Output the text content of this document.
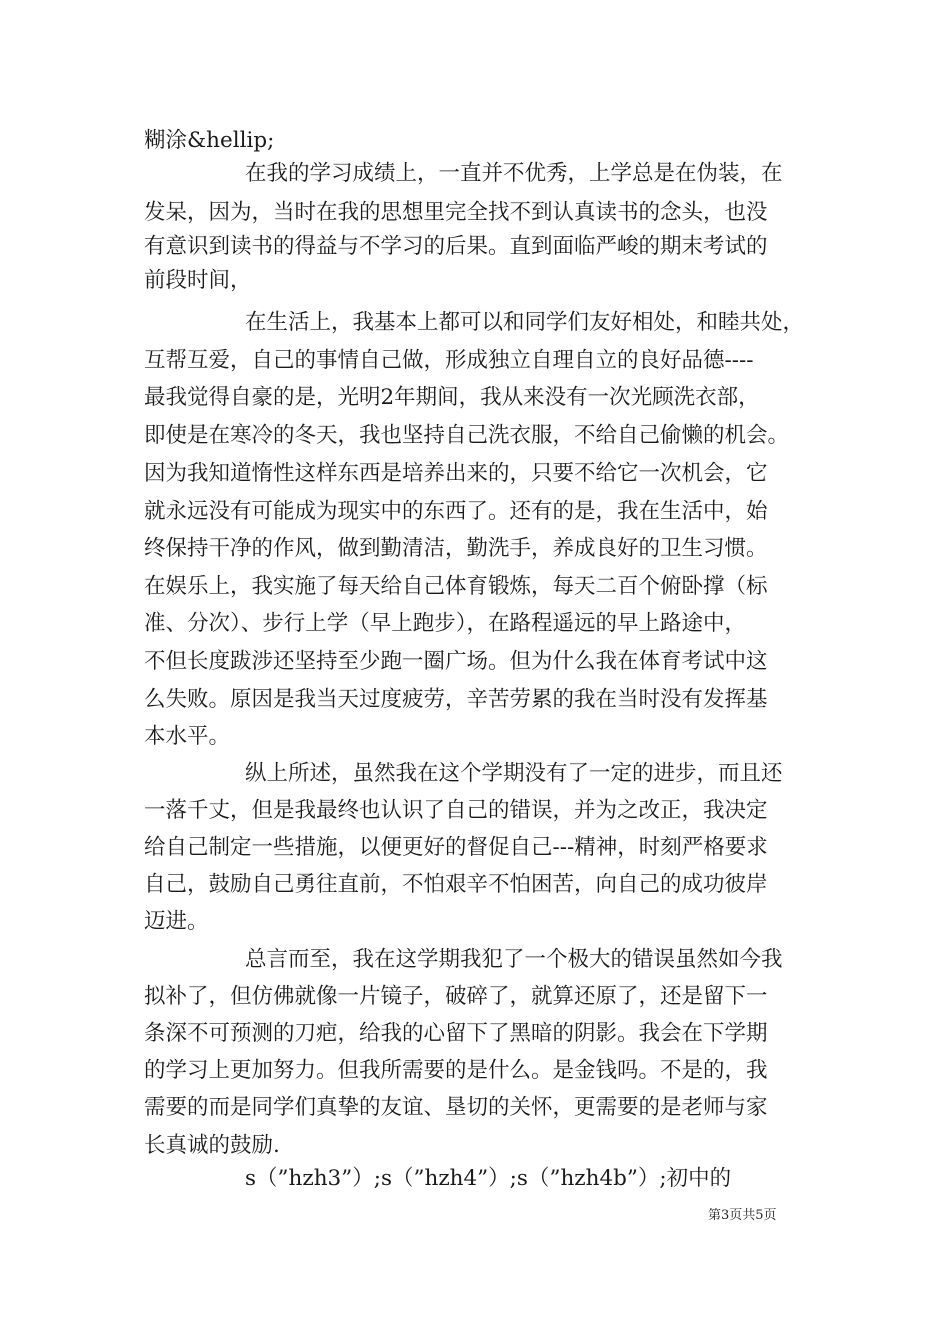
糊涂&hellip;

在我的学习成绩上，一直并不优秀，上学总是在伪装，在

发呆，因为，当时在我的思想里完全找不到认真读书的念头，也没

有意识到读书的得益与不学习的后果。直到面临严峻的期末考试的

前段时间，

在生活上，我基本上都可以和同学们友好相处，和睦共处，

互帮互爱，自己的事情自己做，形成独立自理自立的良好品德----

最我觉得自豪的是，光明2年期间，我从来没有一次光顾洗衣部，

即使是在寒冷的冬天，我也坚持自己洗衣服，不给自己偷懒的机会。

因为我知道惰性这样东西是培养出来的，只要不给它一次机会，它

就永远没有可能成为现实中的东西了。还有的是，我在生活中，始

终保持干净的作风，做到勤清洁，勤洗手，养成良好的卫生习惯。

在娱乐上，我实施了每天给自己体育锻炼，每天二百个俯卧撑（标

准、分次）、步行上学（早上跑步），在路程遥远的早上路途中，

不但长度跋涉还坚持至少跑一圈广场。但为什么我在体育考试中这

么失败。原因是我当天过度疲劳，辛苦劳累的我在当时没有发挥基

本水平。

纵上所述，虽然我在这个学期没有了一定的进步，而且还

一落千丈，但是我最终也认识了自己的错误，并为之改正，我决定

给自己制定一些措施，以便更好的督促自己---精神，时刻严格要求

自己，鼓励自己勇往直前，不怕艰辛不怕困苦，向自己的成功彼岸

迈进。

总言而至，我在这学期我犯了一个极大的错误虽然如今我

拟补了，但仿佛就像一片镜子，破碎了，就算还原了，还是留下一

条深不可预测的刀疤，给我的心留下了黑暗的阴影。我会在下学期

的学习上更加努力。但我所需要的是什么。是金钱吗。不是的，我

需要的而是同学们真挚的友谊、垦切的关怀，更需要的是老师与家

长真诚的鼓励.

s（”hzh3”）;s（”hzh4”）;s（”hzh4b”）;初中的

第3页共5页
